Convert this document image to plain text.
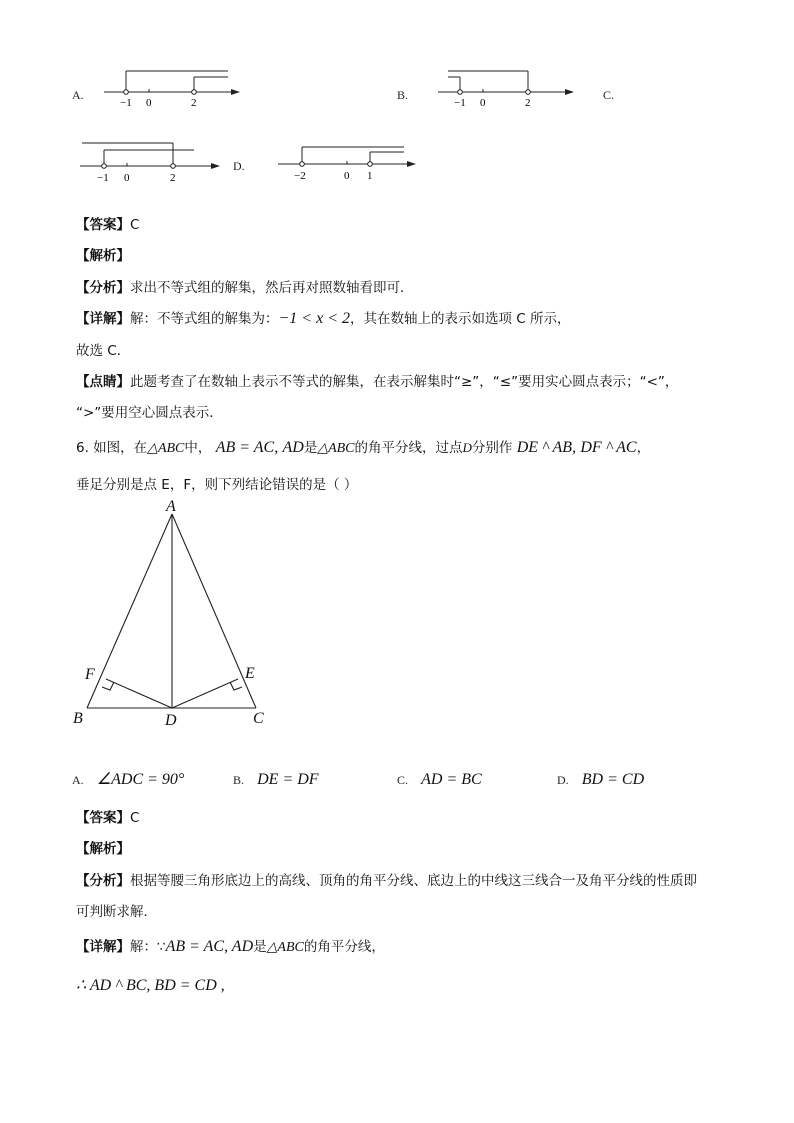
A.
−1 0	2
B.
−1 0	2
C.
−1 0	2
D.
−2	0 1
【答案】C
【解析】
【分析】求出不等式组的解集，然后再对照数轴看即可．
【详解】解：不等式组的解集为：−1 < x < 2，其在数轴上的表示如选项 C 所示，
故选 C．
【点睛】此题考查了在数轴上表示不等式的解集，在表示解集时“≥”，“≤”要用实心圆点表示；“<”，
“>”要用空心圆点表示．
6. 如图，在△ABC中， AB = AC, AD是△ABC的角平分线，过点D分别作 DE ^ AB, DF ^ AC，
垂足分别是点 E，F，则下列结论错误的是（ ）
A
B	C
D
E
F
A. ∠ADC = 90°	B. DE = DF	C. AD = BC	D. BD = CD
【答案】C
【解析】
【分析】根据等腰三角形底边上的高线、顶角的角平分线、底边上的中线这三线合一及角平分线的性质即
可判断求解．
【详解】解：∵AB = AC, AD是△ABC的角平分线，
∴ AD ^ BC, BD = CD ,
